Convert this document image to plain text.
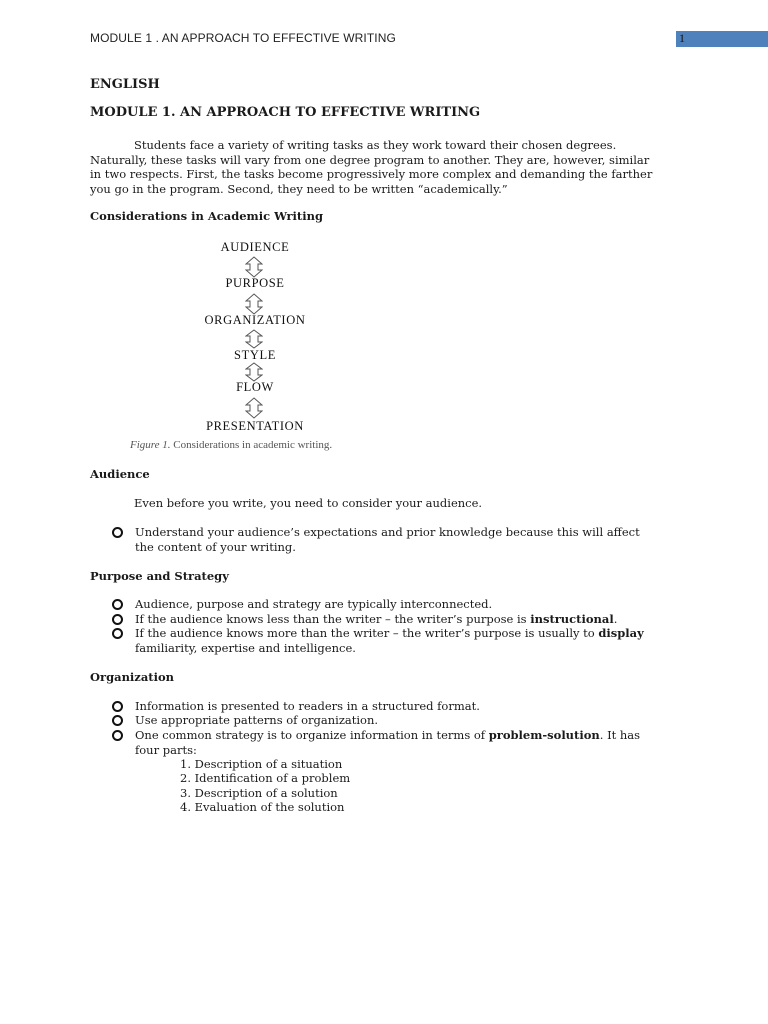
MODULE 1 . AN APPROACH TO EFFECTIVE WRITING	1
ENGLISH
MODULE 1. AN APPROACH TO EFFECTIVE WRITING
Students face a variety of writing tasks as they work toward their chosen degrees.
Naturally, these tasks will vary from one degree program to another. They are, however, similar
in two respects. First, the tasks become progressively more complex and demanding the farther
you go in the program. Second, they need to be written “academically.”
Considerations in Academic Writing
AUDIENCE
PURPOSE
ORGANIZATION
STYLE
FLOW
PRESENTATION
Figure 1. Considerations in academic writing.
Audience
Even before you write, you need to consider your audience.
Understand your audience’s expectations and prior knowledge because this will affect
the content of your writing.
Purpose and Strategy
Audience, purpose and strategy are typically interconnected.
If the audience knows less than the writer – the writer’s purpose is instructional.
If the audience knows more than the writer – the writer’s purpose is usually to display
familiarity, expertise and intelligence.
Organization
Information is presented to readers in a structured format.
Use appropriate patterns of organization.
One common strategy is to organize information in terms of problem-solution. It has
four parts:
1. Description of a situation
2. Identification of a problem
3. Description of a solution
4. Evaluation of the solution
